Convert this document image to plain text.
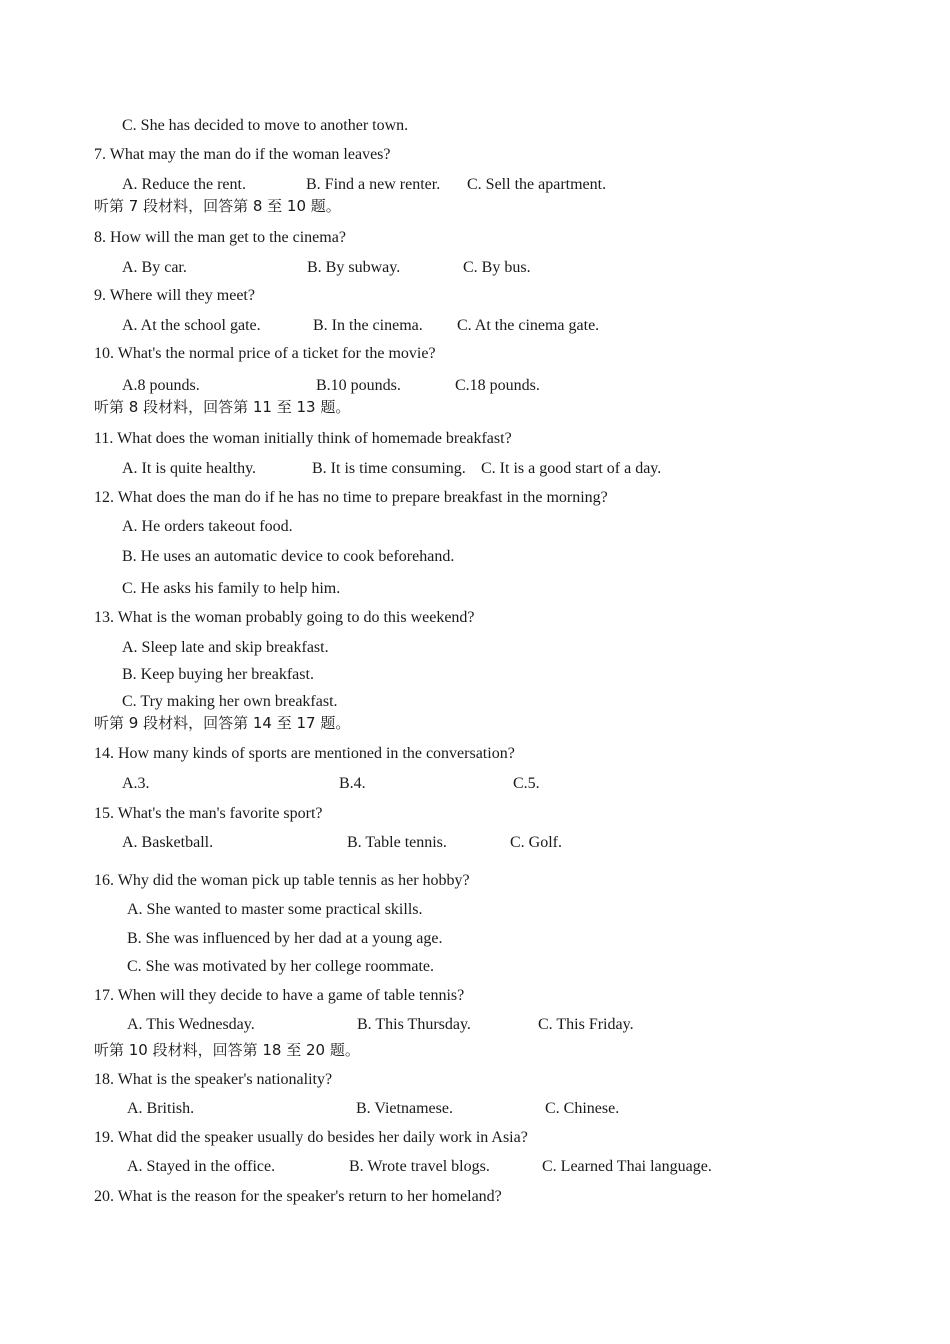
C. She has decided to move to another town.
7. What may the man do if the woman leaves?
A. Reduce the rent.	B. Find a new renter. C. Sell the apartment.
听第 7 段材料，回答第 8 至 10 题。
8. How will the man get to the cinema?
A. By car.	B. By subway.	C. By bus.
9. Where will they meet?
A. At the school gate.	B. In the cinema. C. At the cinema gate.
10. What's the normal price of a ticket for the movie?
A.8 pounds.	B.10 pounds.	C.18 pounds.
听第 8 段材料，回答第 11 至 13 题。
11. What does the woman initially think of homemade breakfast?
A. It is quite healthy.	B. It is time consuming. C. It is a good start of a day.
12. What does the man do if he has no time to prepare breakfast in the morning?
A. He orders takeout food.
B. He uses an automatic device to cook beforehand.
C. He asks his family to help him.
13. What is the woman probably going to do this weekend?
A. Sleep late and skip breakfast.
B. Keep buying her breakfast.
C. Try making her own breakfast.
听第 9 段材料，回答第 14 至 17 题。
14. How many kinds of sports are mentioned in the conversation?
A.3.	B.4.	C.5.
15. What's the man's favorite sport?
A. Basketball.	B. Table tennis.	C. Golf.
16. Why did the woman pick up table tennis as her hobby?
A. She wanted to master some practical skills.
B. She was influenced by her dad at a young age.
C. She was motivated by her college roommate.
17. When will they decide to have a game of table tennis?
A. This Wednesday.	B. This Thursday.	C. This Friday.
听第 10 段材料，回答第 18 至 20 题。
18. What is the speaker's nationality?
A. British.	B. Vietnamese.	C. Chinese.
19. What did the speaker usually do besides her daily work in Asia?
A. Stayed in the office.	B. Wrote travel blogs.	C. Learned Thai language.
20. What is the reason for the speaker's return to her homeland?
